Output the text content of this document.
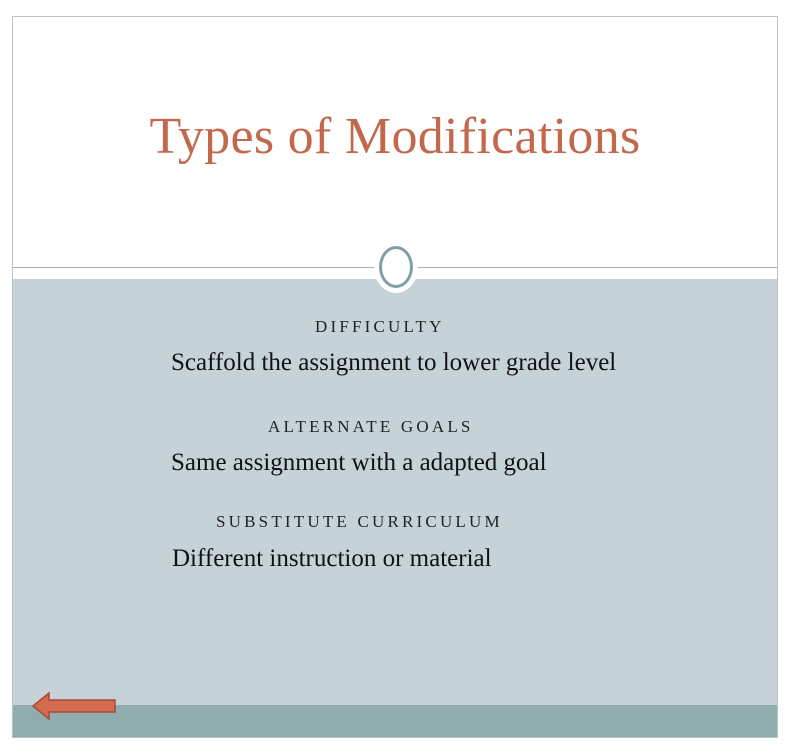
Types of Modifications
DIFFICULTY
Scaffold the assignment to lower grade level
ALTERNATE GOALS
Same assignment with a adapted goal
SUBSTITUTE CURRICULUM
Different instruction or material
